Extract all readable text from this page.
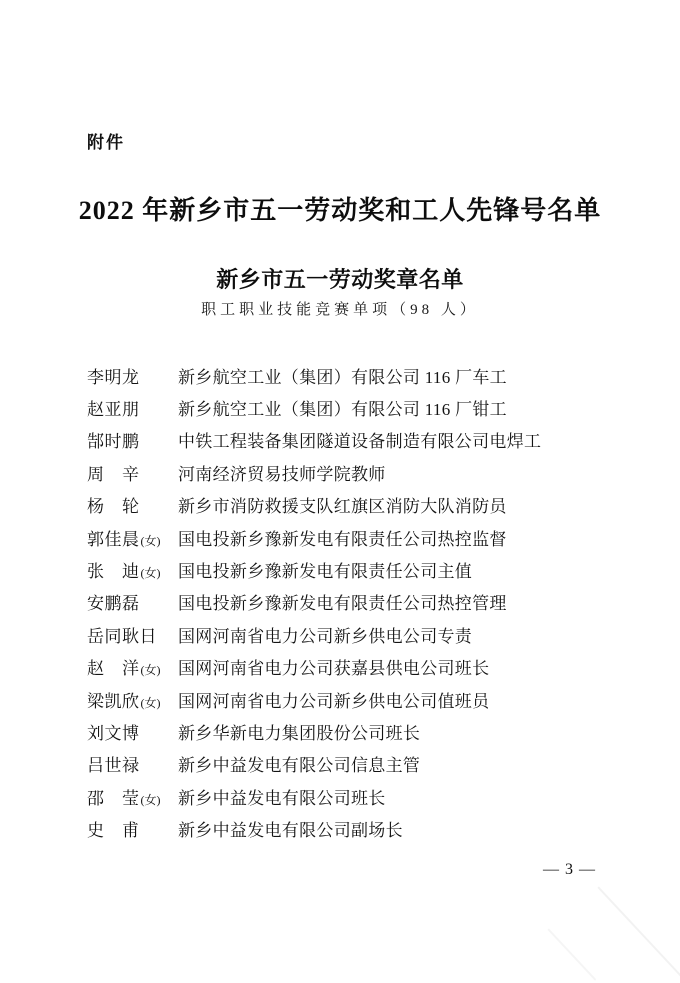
附件
2022 年新乡市五一劳动奖和工人先锋号名单
新乡市五一劳动奖章名单
职工职业技能竞赛单项（98 人）
李明龙 新乡航空工业（集团）有限公司 116 厂车工
赵亚朋 新乡航空工业（集团）有限公司 116 厂钳工
郜时鹏 中铁工程装备集团隧道设备制造有限公司电焊工
周　辛 河南经济贸易技师学院教师
杨　轮 新乡市消防救援支队红旗区消防大队消防员
郭佳晨 (女) 国电投新乡豫新发电有限责任公司热控监督
张　迪 (女) 国电投新乡豫新发电有限责任公司主值
安鹏磊 国电投新乡豫新发电有限责任公司热控管理
岳同耿日 国网河南省电力公司新乡供电公司专责
赵　洋 (女) 国网河南省电力公司获嘉县供电公司班长
梁凯欣 (女) 国网河南省电力公司新乡供电公司值班员
刘文博 新乡华新电力集团股份公司班长
吕世禄 新乡中益发电有限公司信息主管
邵　莹 (女) 新乡中益发电有限公司班长
史　甫 新乡中益发电有限公司副场长
— 3 —
